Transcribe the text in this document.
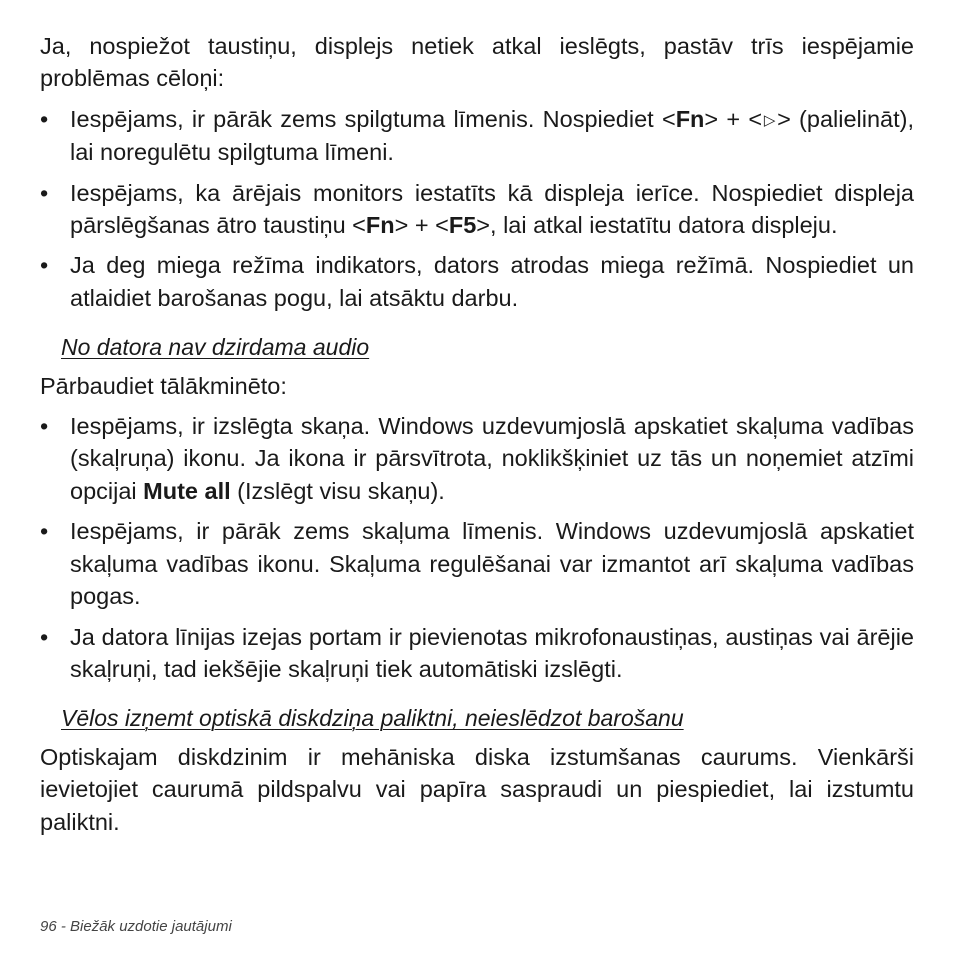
Ja, nospiežot taustiņu, displejs netiek atkal ieslēgts, pastāv trīs iespējamie problēmas cēloņi:

• Iespējams, ir pārāk zems spilgtuma līmenis. Nospiediet <Fn> + <▷> (palielināt), lai noregulētu spilgtuma līmeni.
• Iespējams, ka ārējais monitors iestatīts kā displeja ierīce. Nospiediet displeja pārslēgšanas ātro taustiņu <Fn> + <F5>, lai atkal iestatītu datora displeju.
• Ja deg miega režīma indikators, dators atrodas miega režīmā. Nospiediet un atlaidiet barošanas pogu, lai atsāktu darbu.

No datora nav dzirdama audio

Pārbaudiet tālākminēto:

• Iespējams, ir izslēgta skaņa. Windows uzdevumjoslā apskatiet skaļuma vadības (skaļruņa) ikonu. Ja ikona ir pārsvītrota, noklikšķiniet uz tās un noņemiet atzīmi opcijai Mute all (Izslēgt visu skaņu).
• Iespējams, ir pārāk zems skaļuma līmenis. Windows uzdevumjoslā apskatiet skaļuma vadības ikonu. Skaļuma regulēšanai var izmantot arī skaļuma vadības pogas.
• Ja datora līnijas izejas portam ir pievienotas mikrofonaustiņas, austiņas vai ārējie skaļruņi, tad iekšējie skaļruņi tiek automātiski izslēgti.

Vēlos izņemt optiskā diskdziņa paliktni, neieslēdzot barošanu

Optiskajam diskdzinim ir mehāniska diska izstumšanas caurums. Vienkārši ievietojiet caurumā pildspalvu vai papīra saspraudi un piespiediet, lai izstumtu paliktni.

96 - Biežāk uzdotie jautājumi
